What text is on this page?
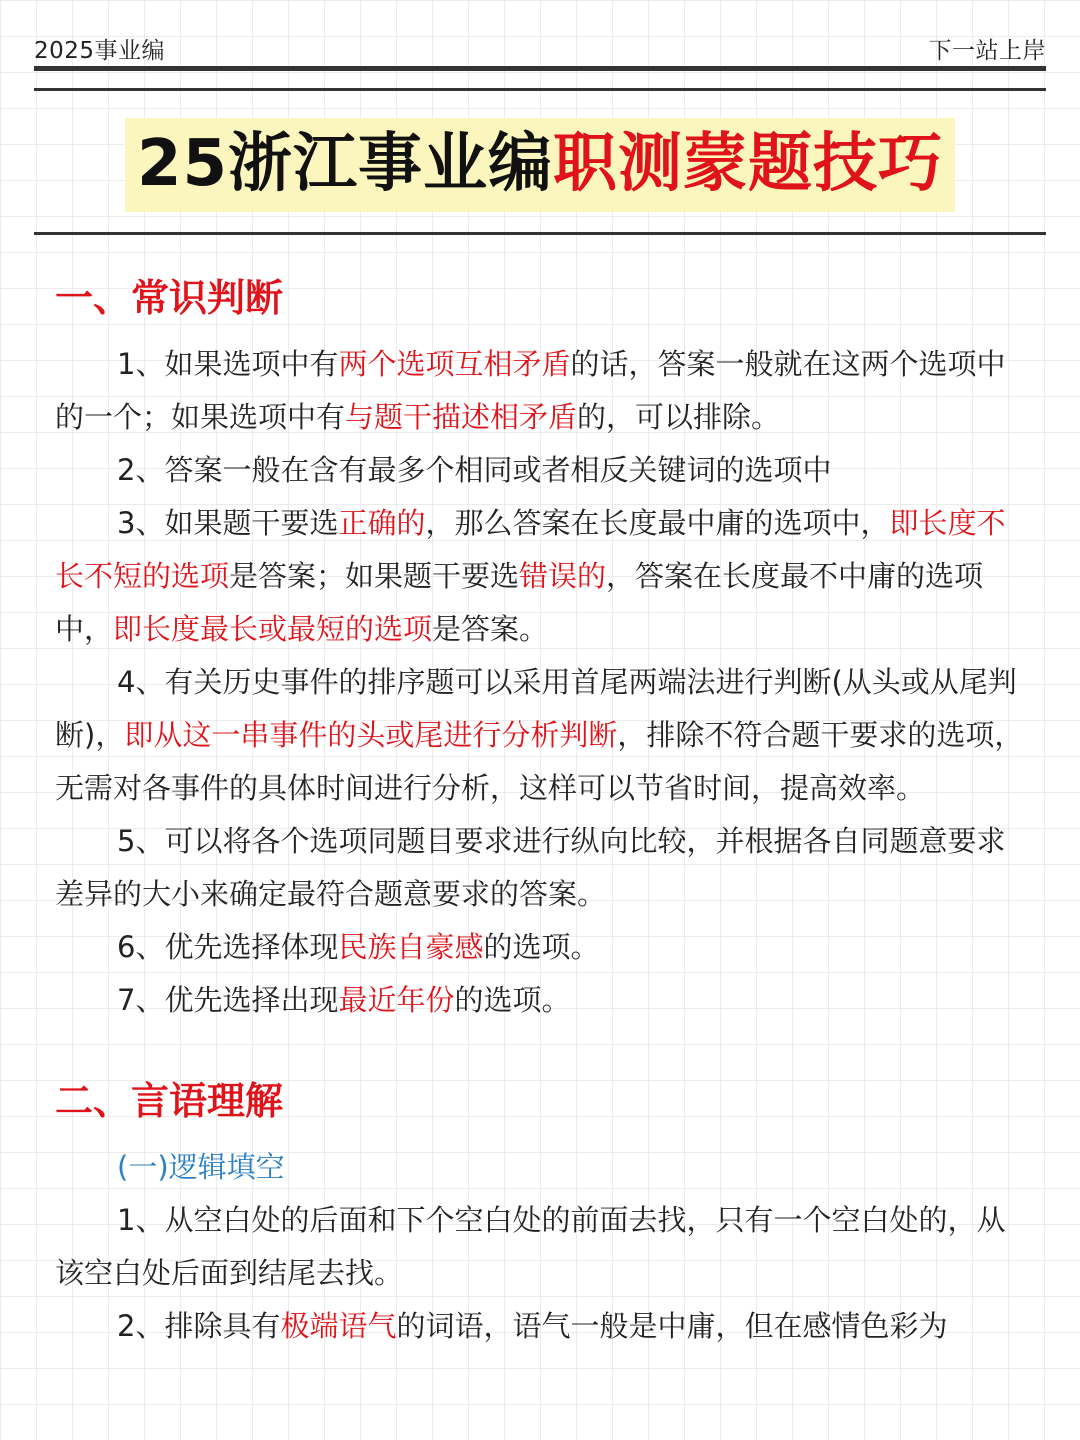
2025事业编	下一站上岸
25浙江事业编职测蒙题技巧
一、常识判断

1、如果选项中有两个选项互相矛盾的话，答案一般就在这两个选项中的一个；如果选项中有与题干描述相矛盾的，可以排除。

2、答案一般在含有最多个相同或者相反关键词的选项中

3、如果题干要选正确的，那么答案在长度最中庸的选项中，即长度不长不短的选项是答案；如果题干要选错误的，答案在长度最不中庸的选项中，即长度最长或最短的选项是答案。

4、有关历史事件的排序题可以采用首尾两端法进行判断(从头或从尾判断)，即从这一串事件的头或尾进行分析判断，排除不符合题干要求的选项，无需对各事件的具体时间进行分析，这样可以节省时间，提高效率。

5、可以将各个选项同题目要求进行纵向比较，并根据各自同题意要求差异的大小来确定最符合题意要求的答案。

6、优先选择体现民族自豪感的选项。

7、优先选择出现最近年份的选项。

二、言语理解

(一)逻辑填空

1、从空白处的后面和下个空白处的前面去找，只有一个空白处的，从该空白处后面到结尾去找。

2、排除具有极端语气的词语，语气一般是中庸，但在感情色彩为
